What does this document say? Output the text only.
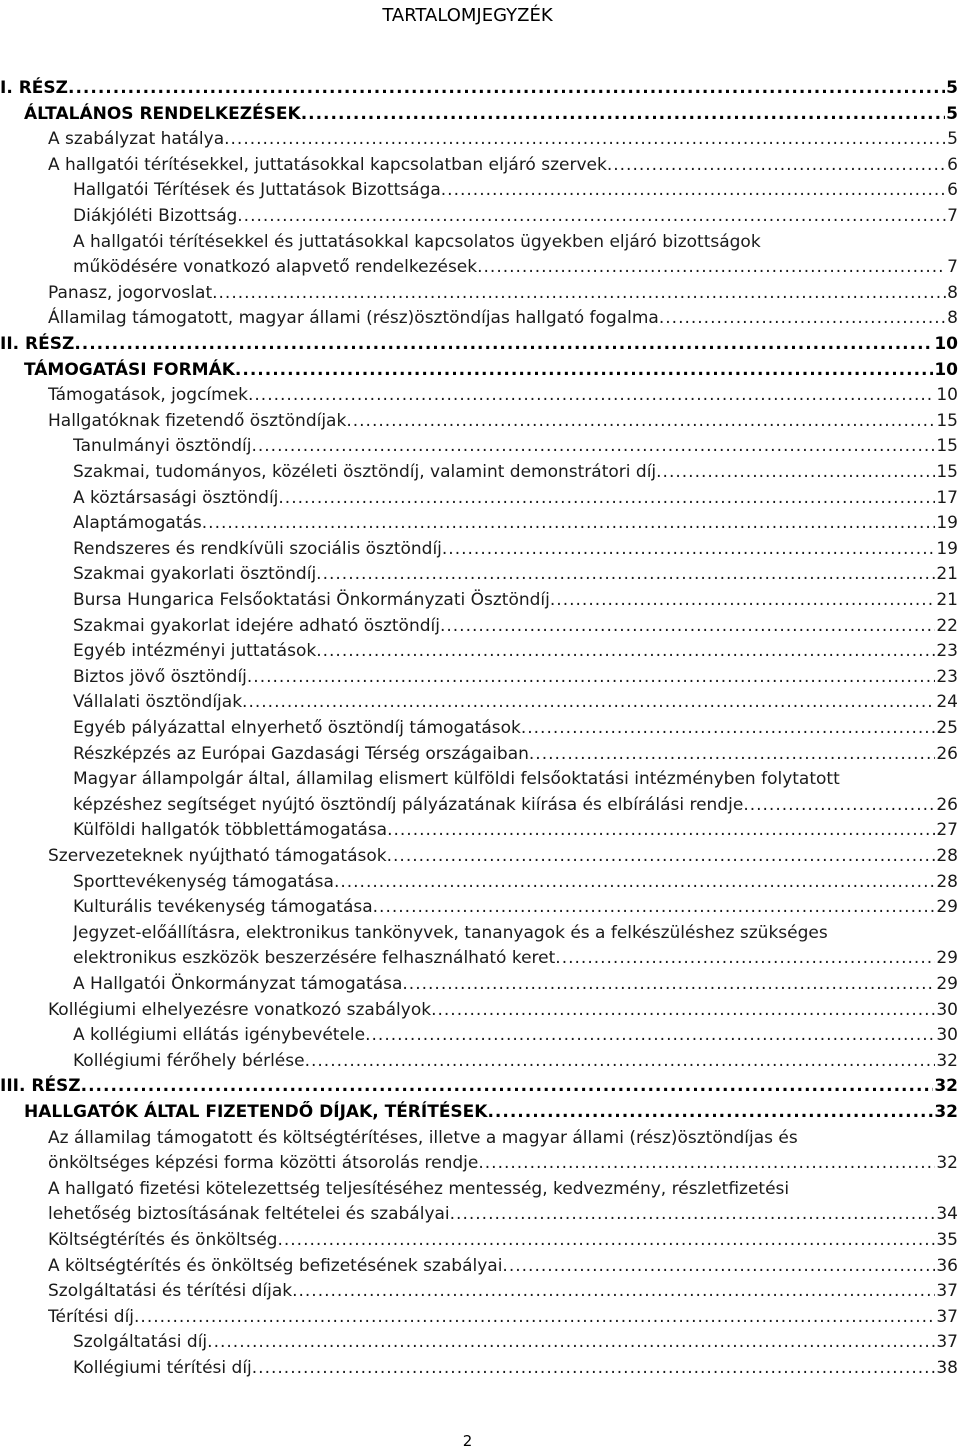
TARTALOMJEGYZÉK
I. RÉSZ .....	5
ÁLTALÁNOS RENDELKEZÉSEK .....	5
A szabályzat hatálya .....	5
A hallgatói térítésekkel, juttatásokkal kapcsolatban eljáró szervek .....	6
Hallgatói Térítések és Juttatások Bizottsága .....	6
Diákjóléti Bizottság .....	7
A hallgatói térítésekkel és juttatásokkal kapcsolatos ügyekben eljáró bizottságok
működésére vonatkozó alapvető rendelkezések .....	7
Panasz, jogorvoslat .....	8
Államilag támogatott, magyar állami (rész)ösztöndíjas hallgató fogalma .....	8
II. RÉSZ .....	10
TÁMOGATÁSI FORMÁK .....	10
Támogatások, jogcímek .....	10
Hallgatóknak fizetendő ösztöndíjak .....	15
Tanulmányi ösztöndíj .....	15
Szakmai, tudományos, közéleti ösztöndíj, valamint demonstrátori díj .....	15
A köztársasági ösztöndíj .....	17
Alaptámogatás .....	19
Rendszeres és rendkívüli szociális ösztöndíj .....	19
Szakmai gyakorlati ösztöndíj .....	21
Bursa Hungarica Felsőoktatási Önkormányzati Ösztöndíj .....	21
Szakmai gyakorlat idejére adható ösztöndíj .....	22
Egyéb intézményi juttatások .....	23
Biztos jövő ösztöndíj .....	23
Vállalati ösztöndíjak .....	24
Egyéb pályázattal elnyerhető ösztöndíj támogatások .....	25
Részképzés az Európai Gazdasági Térség országaiban .....	26
Magyar állampolgár által, államilag elismert külföldi felsőoktatási intézményben folytatott
képzéshez segítséget nyújtó ösztöndíj pályázatának kiírása és elbírálási rendje .....	26
Külföldi hallgatók többlettámogatása .....	27
Szervezeteknek nyújtható támogatások .....	28
Sporttevékenység támogatása .....	28
Kulturális tevékenység támogatása .....	29
Jegyzet-előállításra, elektronikus tankönyvek, tananyagok és a felkészüléshez szükséges
elektronikus eszközök beszerzésére felhasználható keret .....	29
A Hallgatói Önkormányzat támogatása .....	29
Kollégiumi elhelyezésre vonatkozó szabályok .....	30
A kollégiumi ellátás igénybevétele .....	30
Kollégiumi férőhely bérlése .....	32
III. RÉSZ .....	32
HALLGATÓK ÁLTAL FIZETENDŐ DÍJAK, TÉRÍTÉSEK .....	32
Az államilag támogatott és költségtérítéses, illetve a magyar állami (rész)ösztöndíjas és
önköltséges képzési forma közötti átsorolás rendje .....	32
A hallgató fizetési kötelezettség teljesítéséhez mentesség, kedvezmény, részletfizetési
lehetőség biztosításának feltételei és szabályai .....	34
Költségtérítés és önköltség .....	35
A költségtérítés és önköltség befizetésének szabályai .....	36
Szolgáltatási és térítési díjak .....	37
Térítési díj .....	37
Szolgáltatási díj .....	37
Kollégiumi térítési díj .....	38
2
